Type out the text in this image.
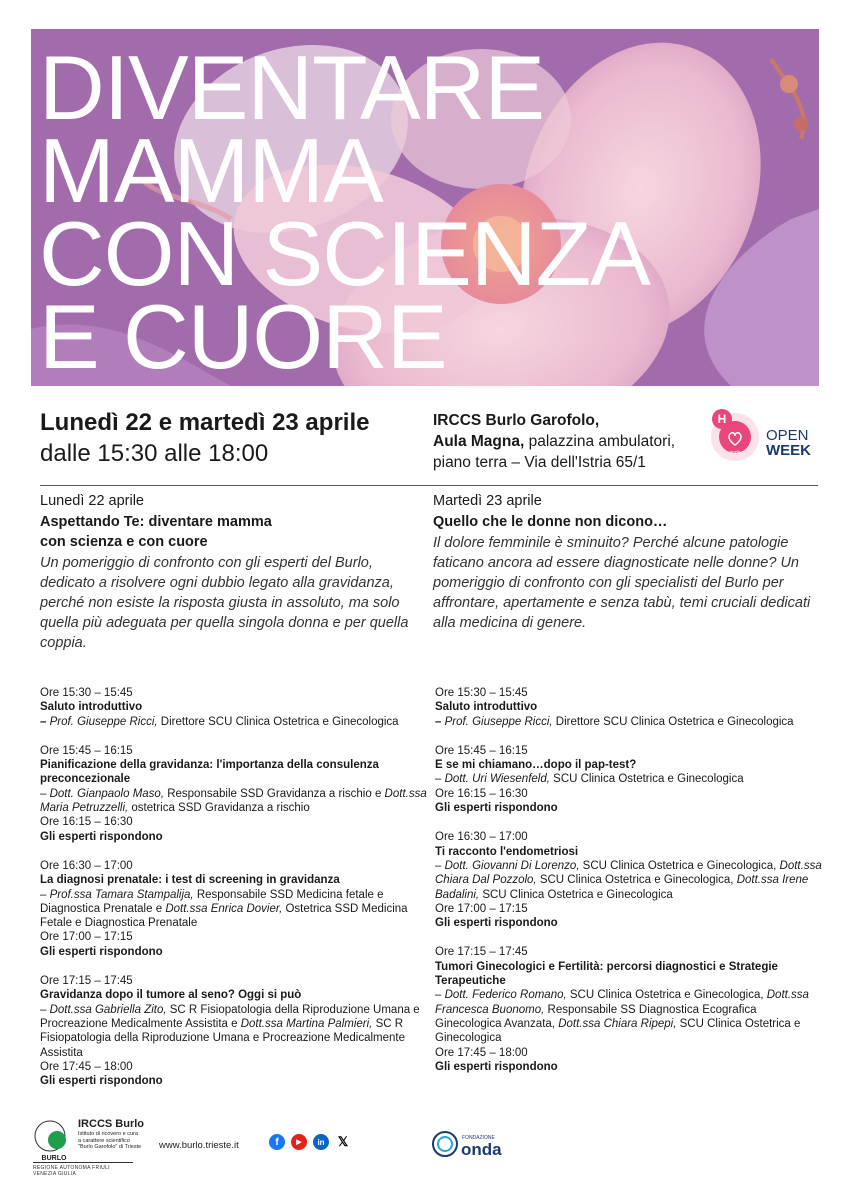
DIVENTARE
MAMMA
CON SCIENZA
E CUORE
Lunedì 22 e martedì 23 aprile
dalle 15:30 alle 18:00
IRCCS Burlo Garofolo,
Aula Magna, palazzina ambulatori,
piano terra – Via dell'Istria 65/1
H
onda
OPEN
WEEK
Lunedì 22 aprile
Aspettando Te: diventare mamma
con scienza e con cuore
Un pomeriggio di confronto con gli esperti del Burlo, dedicato a risolvere ogni dubbio legato alla gravidanza, perché non esiste la risposta giusta in assoluto, ma solo quella più adeguata per quella singola donna e per quella coppia.
Martedì 23 aprile
Quello che le donne non dicono…
Il dolore femminile è sminuito? Perché alcune patologie faticano ancora ad essere diagnosticate nelle donne? Un pomeriggio di confronto con gli specialisti del Burlo per affrontare, apertamente e senza tabù, temi cruciali dedicati alla medicina di genere.
Ore 15:30 – 15:45
Saluto introduttivo
– Prof. Giuseppe Ricci, Direttore SCU Clinica Ostetrica e Ginecologica
Ore 15:45 – 16:15
Pianificazione della gravidanza: l'importanza della consulenza preconcezionale
– Dott. Gianpaolo Maso, Responsabile SSD Gravidanza a rischio e Dott.ssa Maria Petruzzelli, ostetrica SSD Gravidanza a rischio
Ore 16:15 – 16:30
Gli esperti rispondono
Ore 16:30 – 17:00
La diagnosi prenatale: i test di screening in gravidanza
– Prof.ssa Tamara Stampalija, Responsabile SSD Medicina fetale e Diagnostica Prenatale e Dott.ssa Enrica Dovier, Ostetrica SSD Medicina Fetale e Diagnostica Prenatale
Ore 17:00 – 17:15
Gli esperti rispondono
Ore 17:15 – 17:45
Gravidanza dopo il tumore al seno? Oggi si può
– Dott.ssa Gabriella Zito, SC R Fisiopatologia della Riproduzione Umana e Procreazione Medicalmente Assistita e Dott.ssa Martina Palmieri, SC R Fisiopatologia della Riproduzione Umana e Procreazione Medicalmente Assistita
Ore 17:45 – 18:00
Gli esperti rispondono
Ore 15:30 – 15:45
Saluto introduttivo
– Prof. Giuseppe Ricci, Direttore SCU Clinica Ostetrica e Ginecologica
Ore 15:45 – 16:15
E se mi chiamano…dopo il pap-test?
– Dott. Uri Wiesenfeld, SCU Clinica Ostetrica e Ginecologica
Ore 16:15 – 16:30
Gli esperti rispondono
Ore 16:30 – 17:00
Ti racconto l'endometriosi
– Dott. Giovanni Di Lorenzo, SCU Clinica Ostetrica e Ginecologica, Dott.ssa Chiara Dal Pozzolo, SCU Clinica Ostetrica e Ginecologica, Dott.ssa Irene Badalini, SCU Clinica Ostetrica e Ginecologica
Ore 17:00 – 17:15
Gli esperti rispondono
Ore 17:15 – 17:45
Tumori Ginecologici e Fertilità: percorsi diagnostici e Strategie Terapeutiche
– Dott. Federico Romano, SCU Clinica Ostetrica e Ginecologica, Dott.ssa Francesca Buonomo, Responsabile SS Diagnostica Ecografica Ginecologica Avanzata, Dott.ssa Chiara Ripepi, SCU Clinica Ostetrica e Ginecologica
Ore 17:45 – 18:00
Gli esperti rispondono
BURLO
IRCCS Burlo
Istituto di ricovero e cura
a carattere scientifico
"Burlo Garofolo" di Trieste
REGIONE AUTONOMA FRIULI VENEZIA GIULIA
www.burlo.trieste.it	f	▶	in	𝕏	FONDAZIONE
onda
